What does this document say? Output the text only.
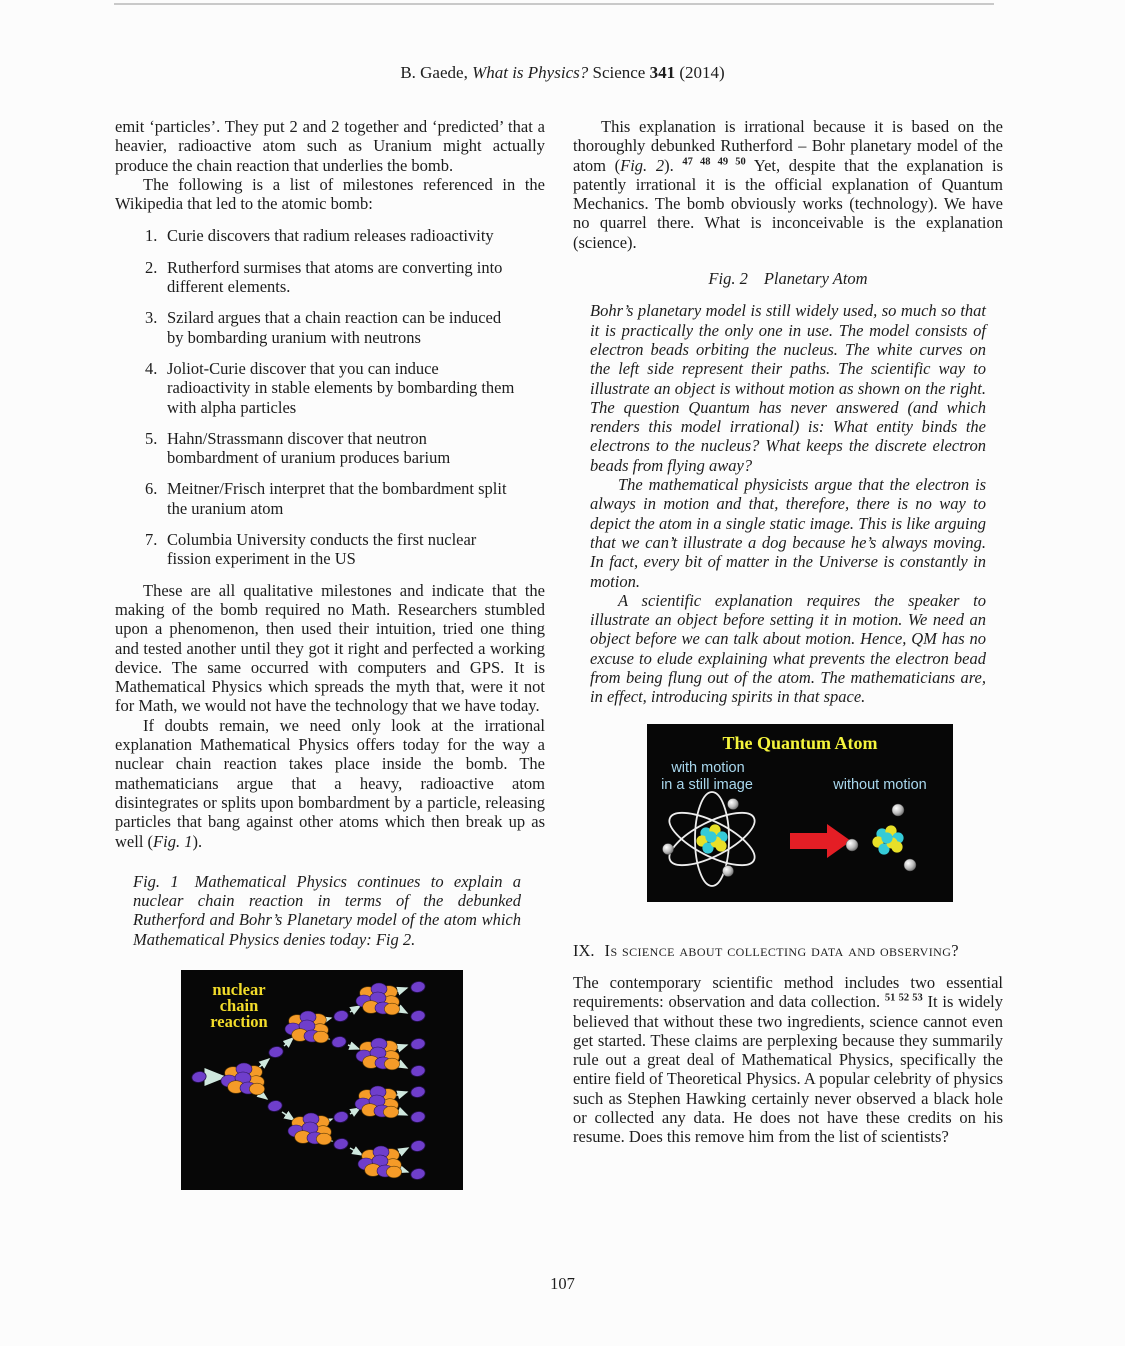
B. Gaede, What is Physics? Science 341 (2014)

emit ‘particles’. They put 2 and 2 together and ‘predicted’ that a heavier, radioactive atom such as Uranium might actually produce the chain reaction that underlies the bomb.

The following is a list of milestones referenced in the Wikipedia that led to the atomic bomb:

1. Curie discovers that radium releases radioactivity
2. Rutherford surmises that atoms are converting into different elements.
3. Szilard argues that a chain reaction can be induced by bombarding uranium with neutrons
4. Joliot-Curie discover that you can induce radioactivity in stable elements by bombarding them with alpha particles
5. Hahn/Strassmann discover that neutron bombardment of uranium produces barium
6. Meitner/Frisch interpret that the bombardment split the uranium atom
7. Columbia University conducts the first nuclear fission experiment in the US

These are all qualitative milestones and indicate that the making of the bomb required no Math. Researchers stumbled upon a phenomenon, then used their intuition, tried one thing and tested another until they got it right and perfected a working device. The same occurred with computers and GPS. It is Mathematical Physics which spreads the myth that, were it not for Math, we would not have the technology that we have today.

If doubts remain, we need only look at the irrational explanation Mathematical Physics offers today for the way a nuclear chain reaction takes place inside the bomb. The mathematicians argue that a heavy, radioactive atom disintegrates or splits upon bombardment by a particle, releasing particles that bang against other atoms which then break up as well (Fig. 1).

Fig. 1 Mathematical Physics continues to explain a nuclear chain reaction in terms of the debunked Rutherford and Bohr’s Planetary model of the atom which Mathematical Physics denies today: Fig 2.

nuclear
chain
reaction

This explanation is irrational because it is based on the thoroughly debunked Rutherford – Bohr planetary model of the atom (Fig. 2). $^{47 48 49 50}$ Yet, despite that the explanation is patently irrational it is the official explanation of Quantum Mechanics. The bomb obviously works (technology). We have no quarrel there. What is inconceivable is the explanation (science).

Fig. 2 Planetary Atom

Bohr’s planetary model is still widely used, so much so that it is practically the only one in use. The model consists of electron beads orbiting the nucleus. The white curves on the left side represent their paths. The scientific way to illustrate an object is without motion as shown on the right. The question Quantum has never answered (and which renders this model irrational) is: What entity binds the electrons to the nucleus? What keeps the discrete electron beads from flying away?

The mathematical physicists argue that the electron is always in motion and that, therefore, there is no way to depict the atom in a single static image. This is like arguing that we can’t illustrate a dog because he’s always moving. In fact, every bit of matter in the Universe is constantly in motion.

A scientific explanation requires the speaker to illustrate an object before setting it in motion. We need an object before we can talk about motion. Hence, QM has no excuse to elude explaining what prevents the electron bead from being flung out of the atom. The mathematicians are, in effect, introducing spirits in that space.

The Quantum Atom
with motion
in a still image	without motion

IX. Is science about collecting data and observing?

The contemporary scientific method includes two essential requirements: observation and data collection. $^{51 52 53}$ It is widely believed that without these two ingredients, science cannot even get started. These claims are perplexing because they summarily rule out a great deal of Mathematical Physics, specifically the entire field of Theoretical Physics. A popular celebrity of physics such as Stephen Hawking certainly never observed a black hole or collected any data. He does not have these credits on his resume. Does this remove him from the list of scientists?

107
